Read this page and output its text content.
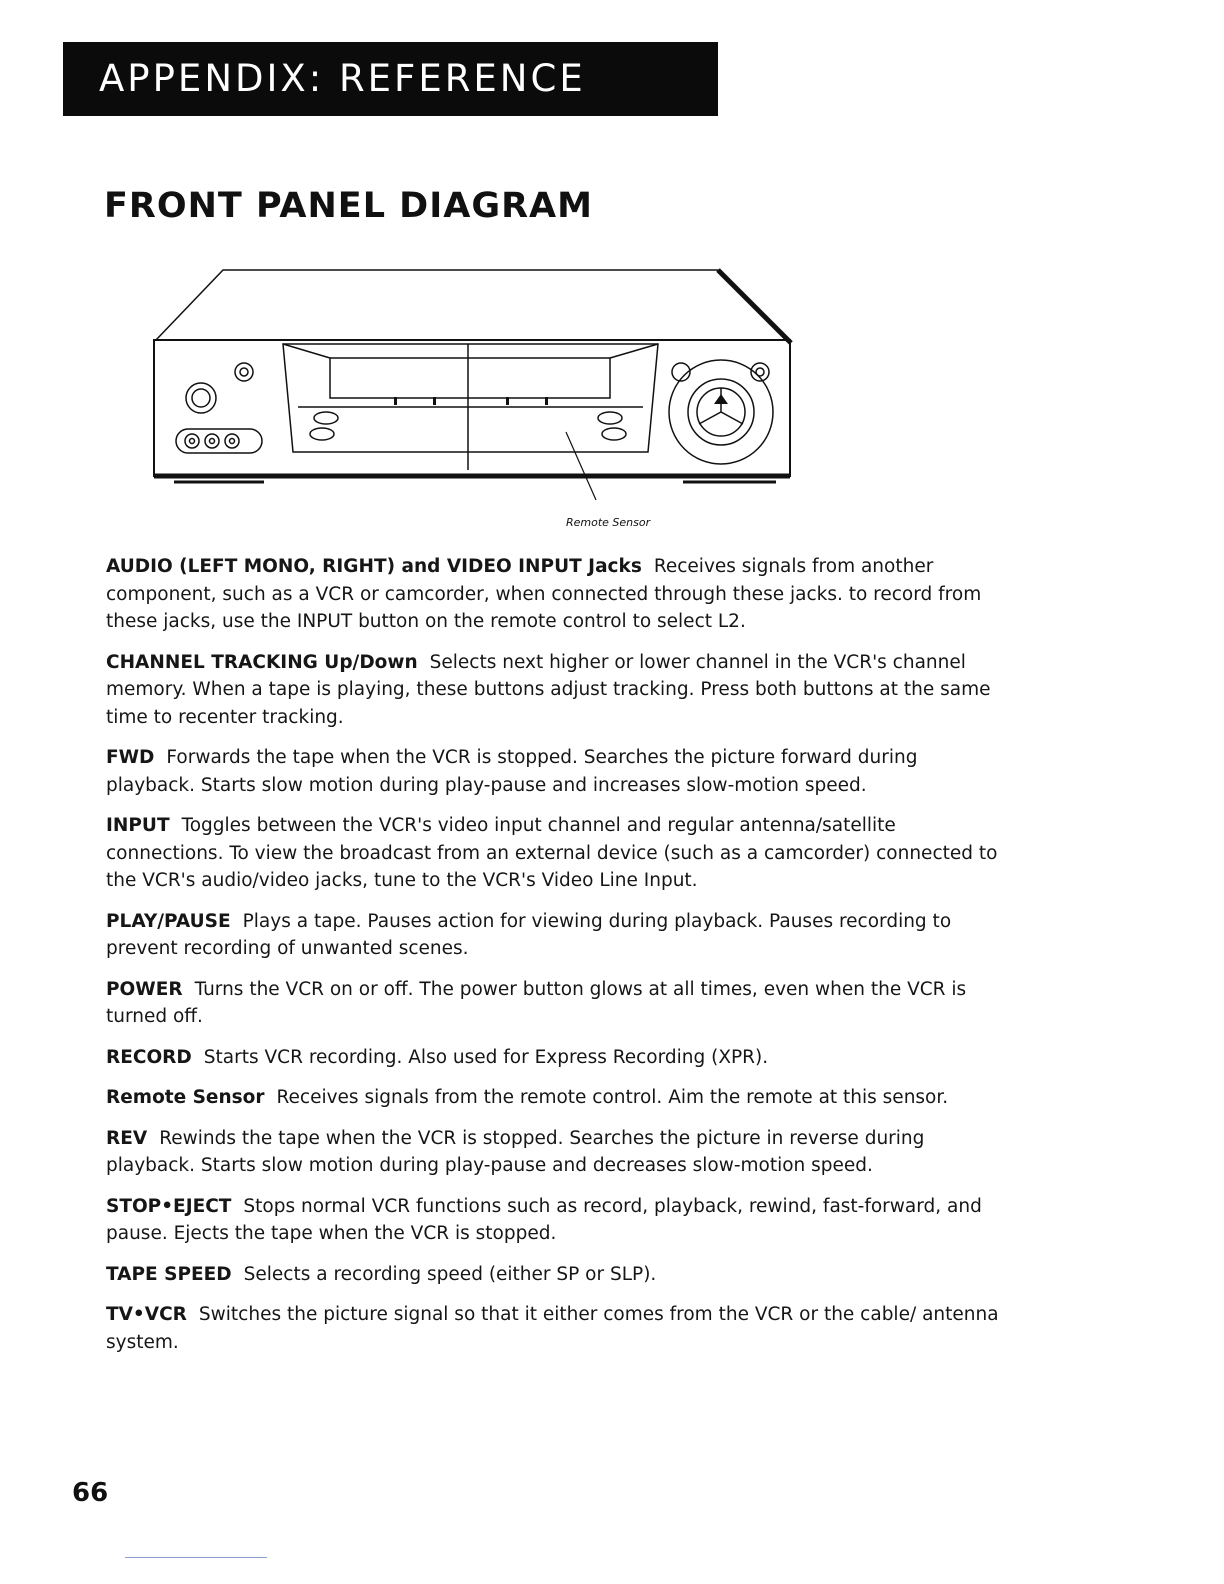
APPENDIX: REFERENCE
FRONT PANEL DIAGRAM
Remote Sensor

AUDIO (LEFT MONO, RIGHT) and VIDEO INPUT Jacks Receives signals from another component, such as a VCR or camcorder, when connected through these jacks. to record from these jacks, use the INPUT button on the remote control to select L2.

CHANNEL TRACKING Up/Down Selects next higher or lower channel in the VCR's channel memory. When a tape is playing, these buttons adjust tracking. Press both buttons at the same time to recenter tracking.

FWD Forwards the tape when the VCR is stopped. Searches the picture forward during playback. Starts slow motion during play-pause and increases slow-motion speed.

INPUT Toggles between the VCR's video input channel and regular antenna/satellite connections. To view the broadcast from an external device (such as a camcorder) connected to the VCR's audio/video jacks, tune to the VCR's Video Line Input.

PLAY/PAUSE Plays a tape. Pauses action for viewing during playback. Pauses recording to prevent recording of unwanted scenes.

POWER Turns the VCR on or off. The power button glows at all times, even when the VCR is turned off.

RECORD Starts VCR recording. Also used for Express Recording (XPR).

Remote Sensor Receives signals from the remote control. Aim the remote at this sensor.

REV Rewinds the tape when the VCR is stopped. Searches the picture in reverse during playback. Starts slow motion during play-pause and decreases slow-motion speed.

STOP•EJECT Stops normal VCR functions such as record, playback, rewind, fast-forward, and pause. Ejects the tape when the VCR is stopped.

TAPE SPEED Selects a recording speed (either SP or SLP).

TV•VCR Switches the picture signal so that it either comes from the VCR or the cable/ antenna system.

66
